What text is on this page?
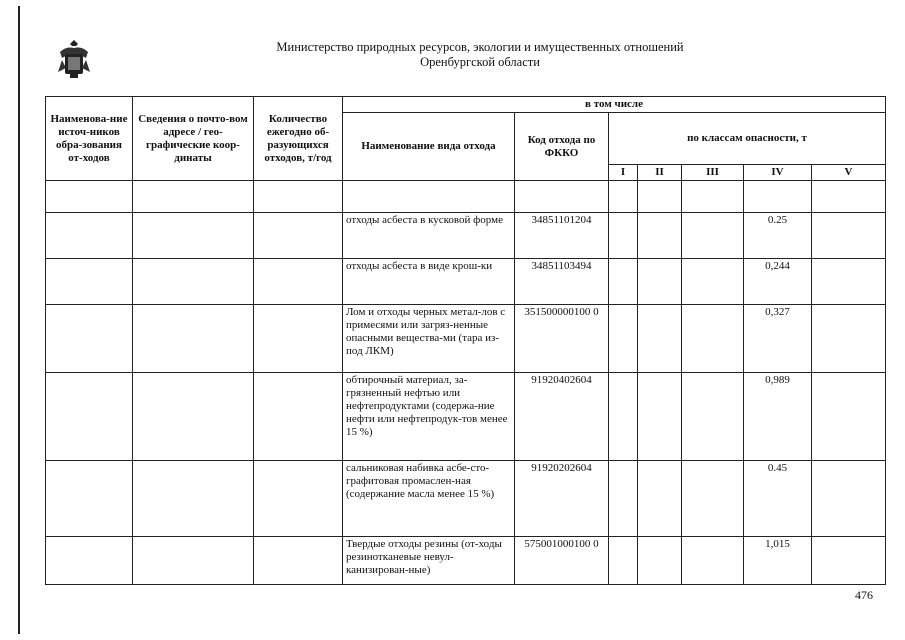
Министерство природных ресурсов, экологии и имущественных отношений
Оренбургской области
Наименова-ние источ-ников обра-зования от-ходов	Сведения о почто-вом адресе / гео-графические коор-динаты	Количество ежегодно об-разующихся отходов, т/год	в том числе						
			Наименование вида отхода	Код отхода по ФККО	по классам опасности, т				
					I	II	III	IV	V

			отходы асбеста в кусковой форме	34851101204				0.25	
			отходы асбеста в виде крош-ки	34851103494				0,244	
			Лом и отходы черных метал-лов с примесями или загряз-ненные опасными вещества-ми (тара из-под ЛКМ)	351500000100 0				0,327	
			обтирочный материал, за-грязненный нефтью или нефтепродуктами (содержа-ние нефти или нефтепродук-тов менее 15 %)	91920402604				0,989	
			сальниковая набивка асбе-сто-графитовая промаслен-ная (содержание масла менее 15 %)	91920202604				0.45	
			Твердые отходы резины (от-ходы резинотканевые невул-канизирован-ные)	575001000100 0				1,015	
476
